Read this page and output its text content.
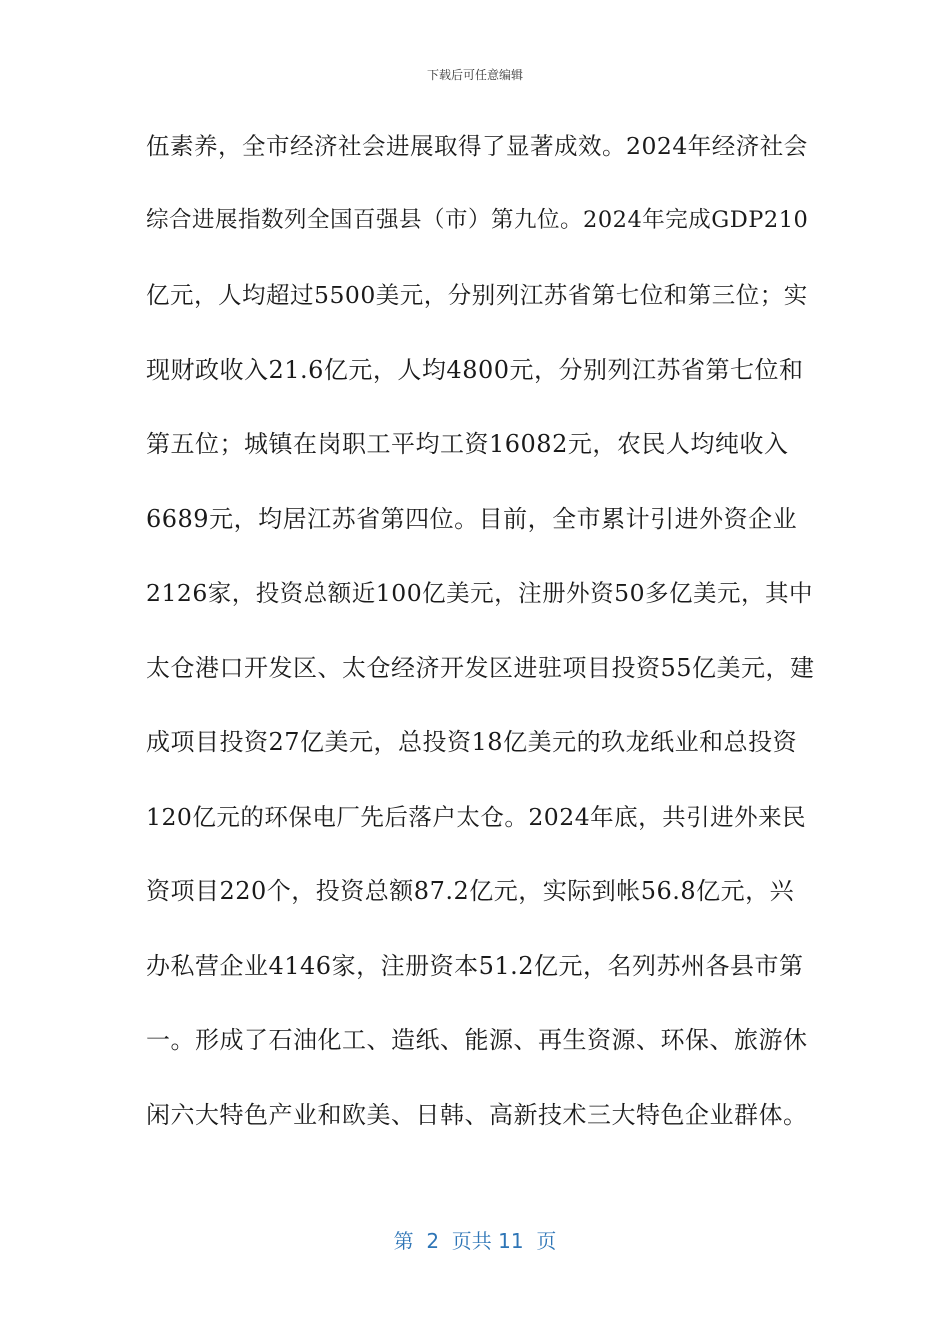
下载后可任意编辑
伍素养，全市经济社会进展取得了显著成效。2024年经济社会
综合进展指数列全国百强县（市）第九位。2024年完成GDP210
亿元，人均超过5500美元，分别列江苏省第七位和第三位；实
现财政收入21.6亿元，人均4800元，分别列江苏省第七位和
第五位；城镇在岗职工平均工资16082元，农民人均纯收入
6689元，均居江苏省第四位。目前，全市累计引进外资企业
2126家，投资总额近100亿美元，注册外资50多亿美元，其中
太仓港口开发区、太仓经济开发区进驻项目投资55亿美元，建
成项目投资27亿美元，总投资18亿美元的玖龙纸业和总投资
120亿元的环保电厂先后落户太仓。2024年底，共引进外来民
资项目220个，投资总额87.2亿元，实际到帐56.8亿元，兴
办私营企业4146家，注册资本51.2亿元，名列苏州各县市第
一。形成了石油化工、造纸、能源、再生资源、环保、旅游休
闲六大特色产业和欧美、日韩、高新技术三大特色企业群体。
第  2  页共 11  页
